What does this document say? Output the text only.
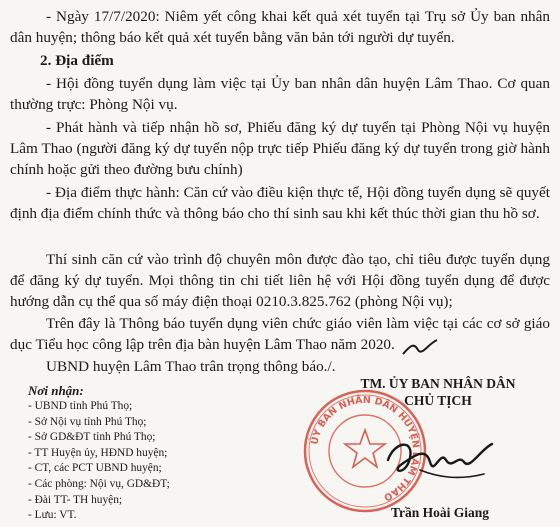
- Ngày 17/7/2020: Niêm yết công khai kết quả xét tuyển tại Trụ sở Ủy ban nhân dân huyện; thông báo kết quả xét tuyển bằng văn bản tới người dự tuyển.

2. Địa điểm

- Hội đồng tuyển dụng làm việc tại Ủy ban nhân dân huyện Lâm Thao. Cơ quan thường trực: Phòng Nội vụ.

- Phát hành và tiếp nhận hồ sơ, Phiếu đăng ký dự tuyển tại Phòng Nội vụ huyện Lâm Thao (người đăng ký dự tuyển nộp trực tiếp Phiếu đăng ký dự tuyển trong giờ hành chính hoặc gửi theo đường bưu chính)

- Địa điểm thực hành: Căn cứ vào điều kiện thực tế, Hội đồng tuyển dụng sẽ quyết định địa điểm chính thức và thông báo cho thí sinh sau khi kết thúc thời gian thu hồ sơ.

Thí sinh căn cứ vào trình độ chuyên môn được đào tạo, chỉ tiêu được tuyển dụng để đăng ký dự tuyển. Mọi thông tin chi tiết liên hệ với Hội đồng tuyển dụng để được hướng dẫn cụ thể qua số máy điện thoại 0210.3.825.762 (phòng Nội vụ);

Trên đây là Thông báo tuyển dụng viên chức giáo viên làm việc tại các cơ sở giáo dục Tiểu học công lập trên địa bàn huyện Lâm Thao năm 2020.

UBND huyện Lâm Thao trân trọng thông báo./.

Nơi nhận:
- UBND tỉnh Phú Thọ;
- Sở Nội vụ tỉnh Phú Thọ;
- Sở GD&ĐT tỉnh Phú Thọ;
- TT Huyện ủy, HĐND huyện;
- CT, các PCT UBND huyện;
- Các phòng: Nội vụ, GD&ĐT;
- Đài TT- TH huyện;
- Lưu: VT.
ỦY BAN NHÂN DÂN HUYỆN LÂM THAO
TM. ỦY BAN NHÂN DÂN
CHỦ TỊCH
Trần Hoài Giang
